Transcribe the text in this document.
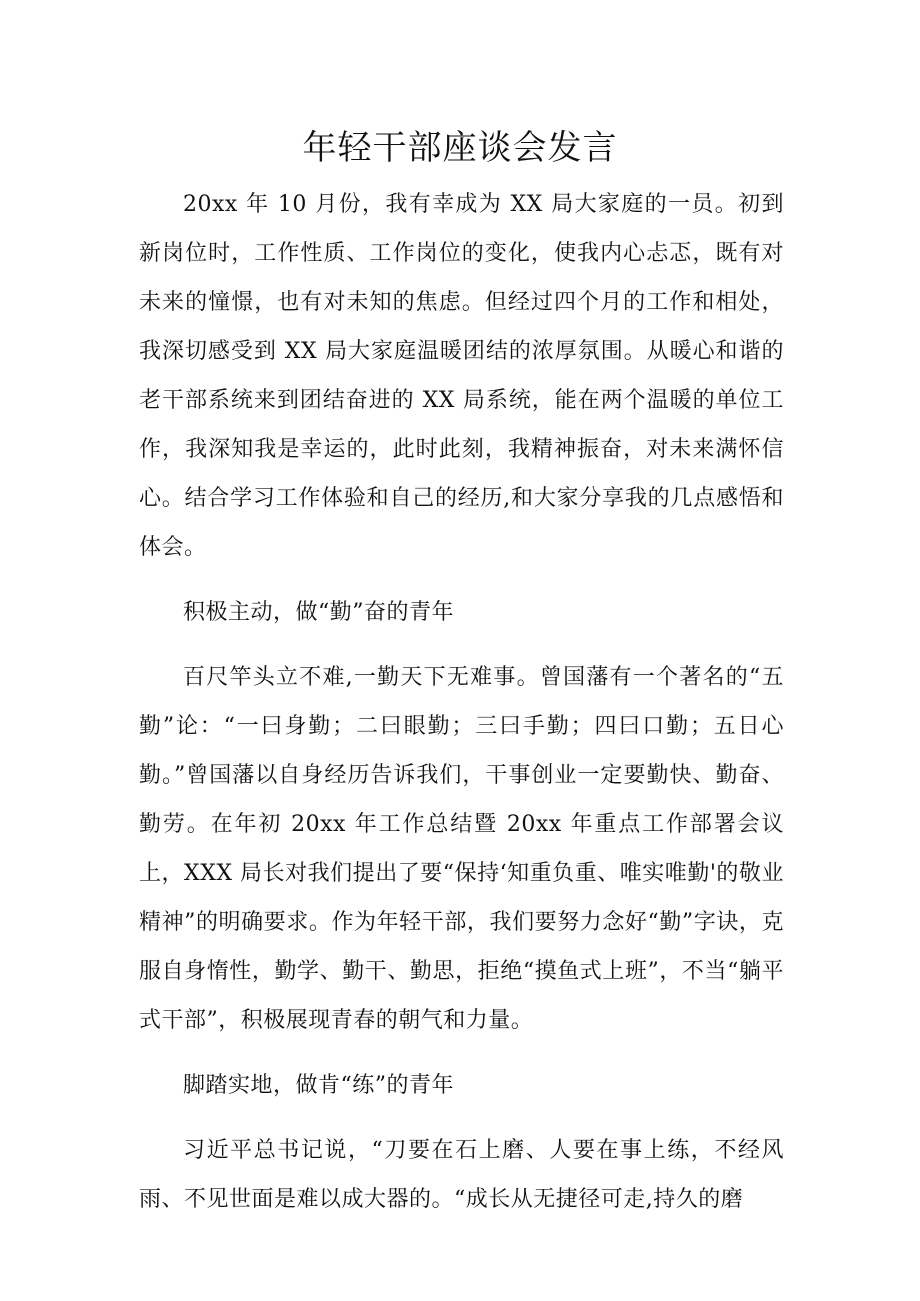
年轻干部座谈会发言

20xx 年 10 月份，我有幸成为 XX 局大家庭的一员。初到新岗位时，工作性质、工作岗位的变化，使我内心忐忑，既有对未来的憧憬，也有对未知的焦虑。但经过四个月的工作和相处，我深切感受到 XX 局大家庭温暖团结的浓厚氛围。从暖心和谐的老干部系统来到团结奋进的 XX 局系统，能在两个温暖的单位工作，我深知我是幸运的，此时此刻，我精神振奋，对未来满怀信心。结合学习工作体验和自己的经历,和大家分享我的几点感悟和体会。

积极主动，做“勤”奋的青年

百尺竿头立不难,一勤天下无难事。曾国藩有一个著名的“五勤”论：“一曰身勤；二曰眼勤；三曰手勤；四曰口勤；五日心勤。”曾国藩以自身经历告诉我们，干事创业一定要勤快、勤奋、勤劳。在年初 20xx 年工作总结暨 20xx 年重点工作部署会议上，XXX 局长对我们提出了要“保持‘知重负重、唯实唯勤'的敬业精神”的明确要求。作为年轻干部，我们要努力念好“勤”字诀，克服自身惰性，勤学、勤干、勤思，拒绝“摸鱼式上班”，不当“躺平式干部”，积极展现青春的朝气和力量。

脚踏实地，做肯“练”的青年

习近平总书记说，“刀要在石上磨、人要在事上练，不经风雨、不见世面是难以成大器的。“成长从无捷径可走,持久的磨
